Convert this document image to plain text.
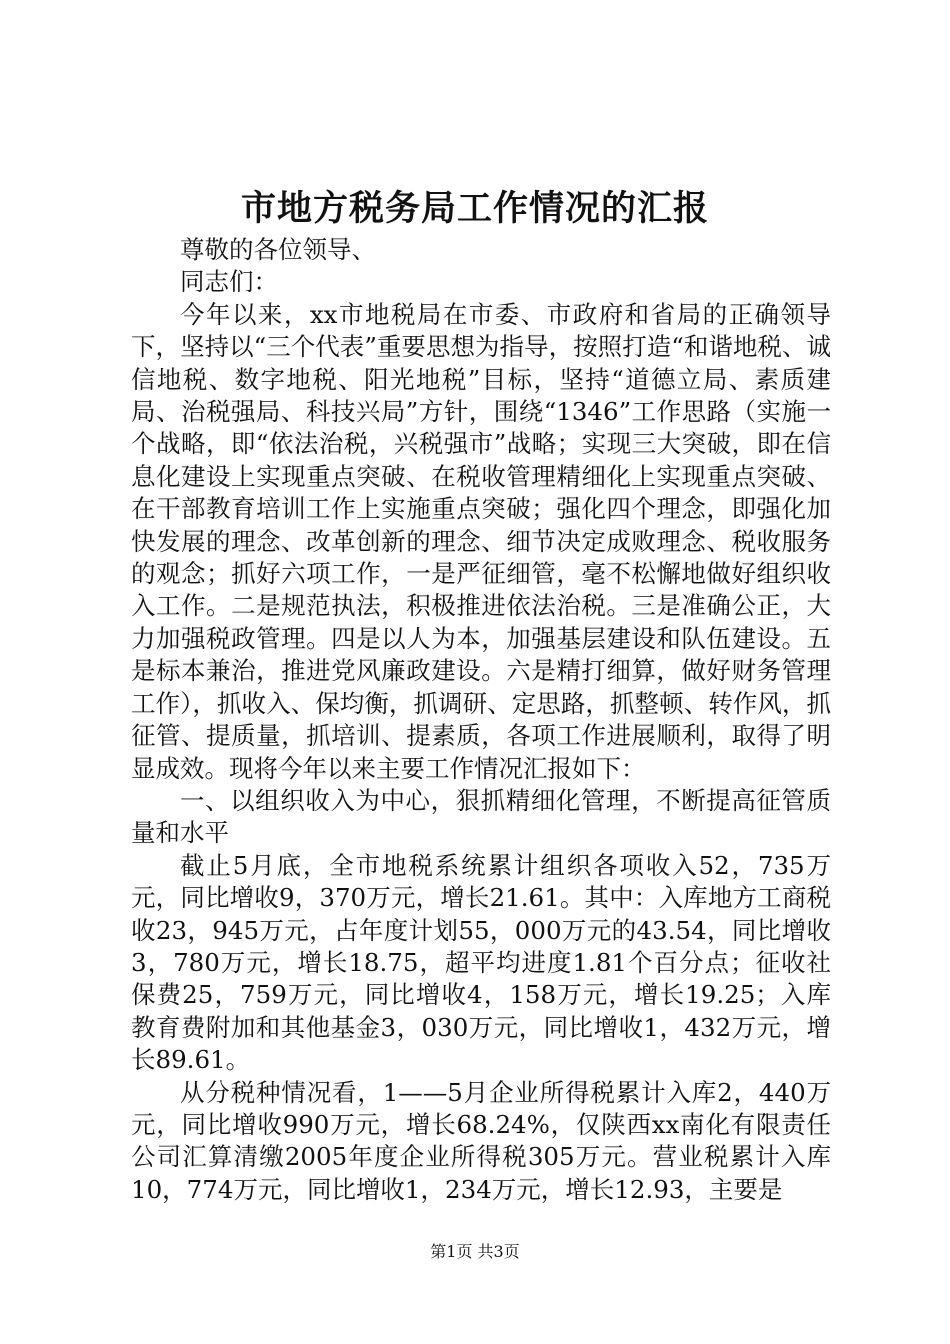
市地方税务局工作情况的汇报

尊敬的各位领导、

同志们：

今年以来，xx市地税局在市委、市政府和省局的正确领导下，坚持以“三个代表”重要思想为指导，按照打造“和谐地税、诚信地税、数字地税、阳光地税”目标，坚持“道德立局、素质建局、治税强局、科技兴局”方针，围绕“1346”工作思路（实施一个战略，即“依法治税，兴税强市”战略；实现三大突破，即在信息化建设上实现重点突破、在税收管理精细化上实现重点突破、在干部教育培训工作上实施重点突破；强化四个理念，即强化加快发展的理念、改革创新的理念、细节决定成败理念、税收服务的观念；抓好六项工作，一是严征细管，毫不松懈地做好组织收入工作。二是规范执法，积极推进依法治税。三是准确公正，大力加强税政管理。四是以人为本，加强基层建设和队伍建设。五是标本兼治，推进党风廉政建设。六是精打细算，做好财务管理工作），抓收入、保均衡，抓调研、定思路，抓整顿、转作风，抓征管、提质量，抓培训、提素质，各项工作进展顺利，取得了明显成效。现将今年以来主要工作情况汇报如下：

一、以组织收入为中心，狠抓精细化管理，不断提高征管质量和水平

截止5月底，全市地税系统累计组织各项收入52，735万元，同比增收9，370万元，增长21.61。其中：入库地方工商税收23，945万元，占年度计划55，000万元的43.54，同比增收3，780万元，增长18.75，超平均进度1.81个百分点；征收社保费25，759万元，同比增收4，158万元，增长19.25；入库教育费附加和其他基金3，030万元，同比增收1，432万元，增长89.61。

从分税种情况看，1——5月企业所得税累计入库2，440万元，同比增收990万元，增长68.24%，仅陕西xx南化有限责任公司汇算清缴2005年度企业所得税305万元。营业税累计入库10，774万元，同比增收1，234万元，增长12.93，主要是

第1页 共3页
